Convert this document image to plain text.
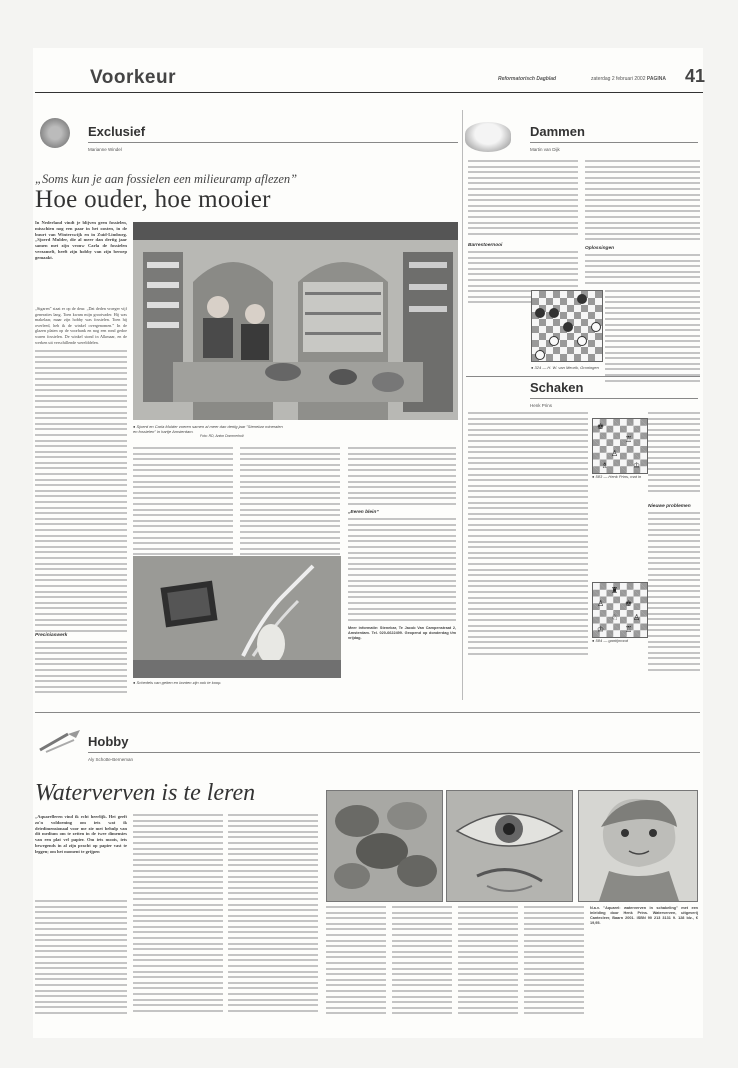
Voorkeur	Reformatorisch Dagblad	zaterdag 2 februari 2002 PAGINA 41
Exclusief
Marianne Windel
„Soms kun je aan fossielen een milieuramp aflezen”
Hoe ouder, hoe mooier
In Nederland vindt je blijven geen fossielen, misschien nog een paar in het oosten, in de buurt van Winterswijk en in Zuid-Limburg. „Sjoerd Mulder, die al meer dan dertig jaar samen met zijn vrouw Carla de fossielen verzamelt, heeft zijn hobby van zijn beroep gemaakt.
„Sigaren” staat er op de deur. „Dat deden vroeger vijf generaties lang. Toen kwam mijn grootvader. Hij was makelaar, maar zijn hobby was fossielen. Toen hij overleed, heb ik de winkel overgenomen.” In de glazen platen op de voorbank en nog een rond gedoe waren fossielen. De winkel stond in Alkmaar, en de werken uit verschillende werelddelen.
Preciniaswerk
● Sjoerd en Carla Mulder voeren samen al meer dan dertig jaar "Stenebar mineralen en fossielen" in hartje Amsterdam.
Foto: RD, Anton Dommerholt
„Eeren blein”
● Schedels van geiten en bonten zijn ook te koop.
Meer informatie: Stenebar, Te Jacob Van Campenstraat 2, Amsterdam. Tel. 020-6622499. Geopend op donderdag t/m vrijdag.
Dammen
Martin van Dijk
Barrestoernooi
Oplossingen
● 324 — H. W. van Meurik, Groningen
Schaken
Henk Prins
Nieuwe problemen
♚
♖
♙
♔
♗
● 583 — Henk Prins, mat in
♜
♙	♚
♘ ♙
♔	♖
● 584 — gantijmood
Hobby
Aly Schotte-Berneman
Waterverven is te leren
„Aquarelleren vind ik echt heerlijk. Het geeft zo'n voldoening om iets wat ik driedimensionaal voor me zie met behulp van dit medium om te zetten in de twee dimensies van een plat vel papier. Om iets moois, iets bewegends in al zijn pracht op papier vast te leggen; om het moment te grijpen
N.a.v. "Aquarel: waterverven in schakeling" met een inleiding door Henk Prins. Waterverven, uitgeverij Cantecleer, Baarn 2001. ISBN 90 213 3131 9. 128 blz., € 19,95.
